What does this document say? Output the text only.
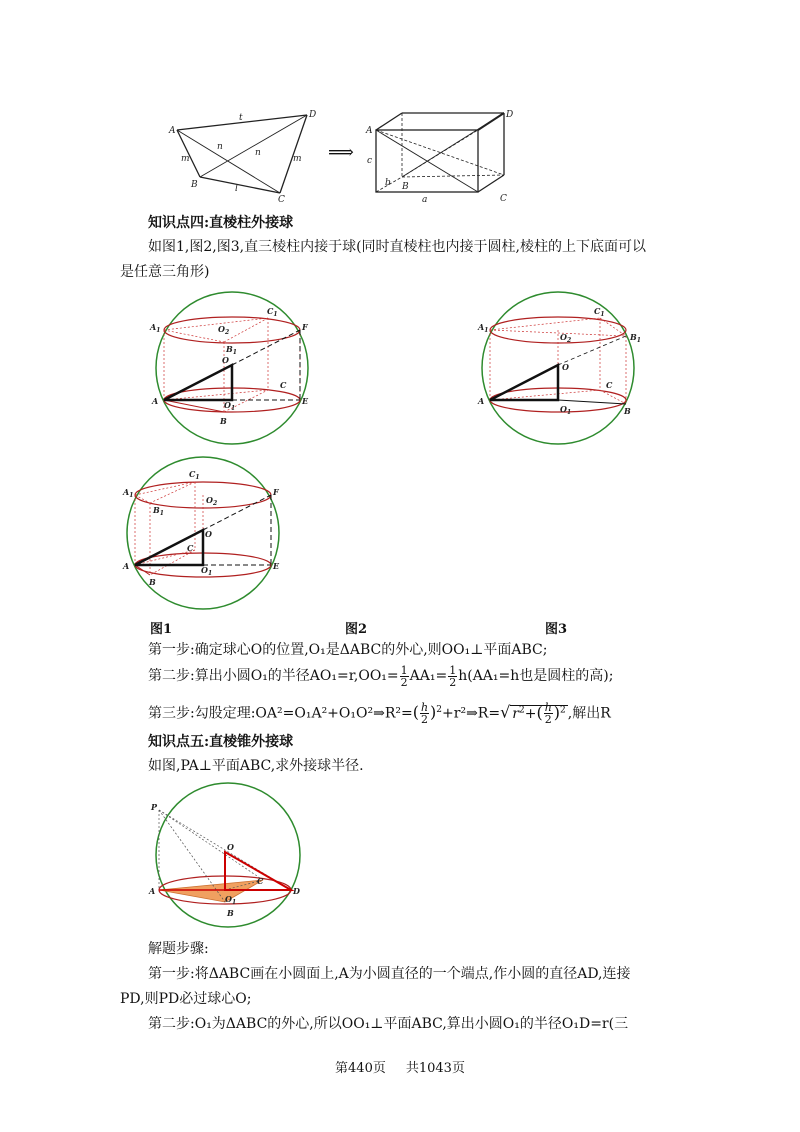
A
D
B
C
t
n
n
m	m
l
⟹
A
D
B
C
a
b
c
知识点四:直棱柱外接球
如图1,图2,图3,直三棱柱内接于球(同时直棱柱也内接于圆柱,棱柱的上下底面可以
是任意三角形)
$A_1$	$O_2$
$C_1$
$B_1$
F
O
C
A	$O_1$
E
B
$A_1$
$C_1$
$O_2$	$B_1$
O
C
A
$O_1$	B
$C_1$
$A_1$	$O_2$
$B_1$
F
O
C
A	$O_1$
E
B
图1	图2	图3
第一步:确定球心O的位置,O₁是ΔABC的外心,则OO₁⊥平面ABC;
第二步:算出小圆O₁的半径$AO_1=r,OO_1= \frac{1}{2} AA_1= \frac{1}{2} h(AA_1=h$也是圆柱的高);
第三步:勾股定理:OA²=O₁A²+O₁O²⇒R²=( $\frac{h}{2}$ )$^2$+r²⇒R=√ $r^2+( \frac{h}{2} )^2$ ,解出R
知识点五:直棱锥外接球
如图,PA⊥平面ABC,求外接球半径.
P
O
C
A
$O_1$
D
B
解题步骤:
第一步:将ΔABC画在小圆面上,A为小圆直径的一个端点,作小圆的直径AD,连接
PD,则PD必过球心O;
第二步:O₁为ΔABC的外心,所以OO₁⊥平面ABC,算出小圆O₁的半径O₁D=r(三
第440页 共1043页
